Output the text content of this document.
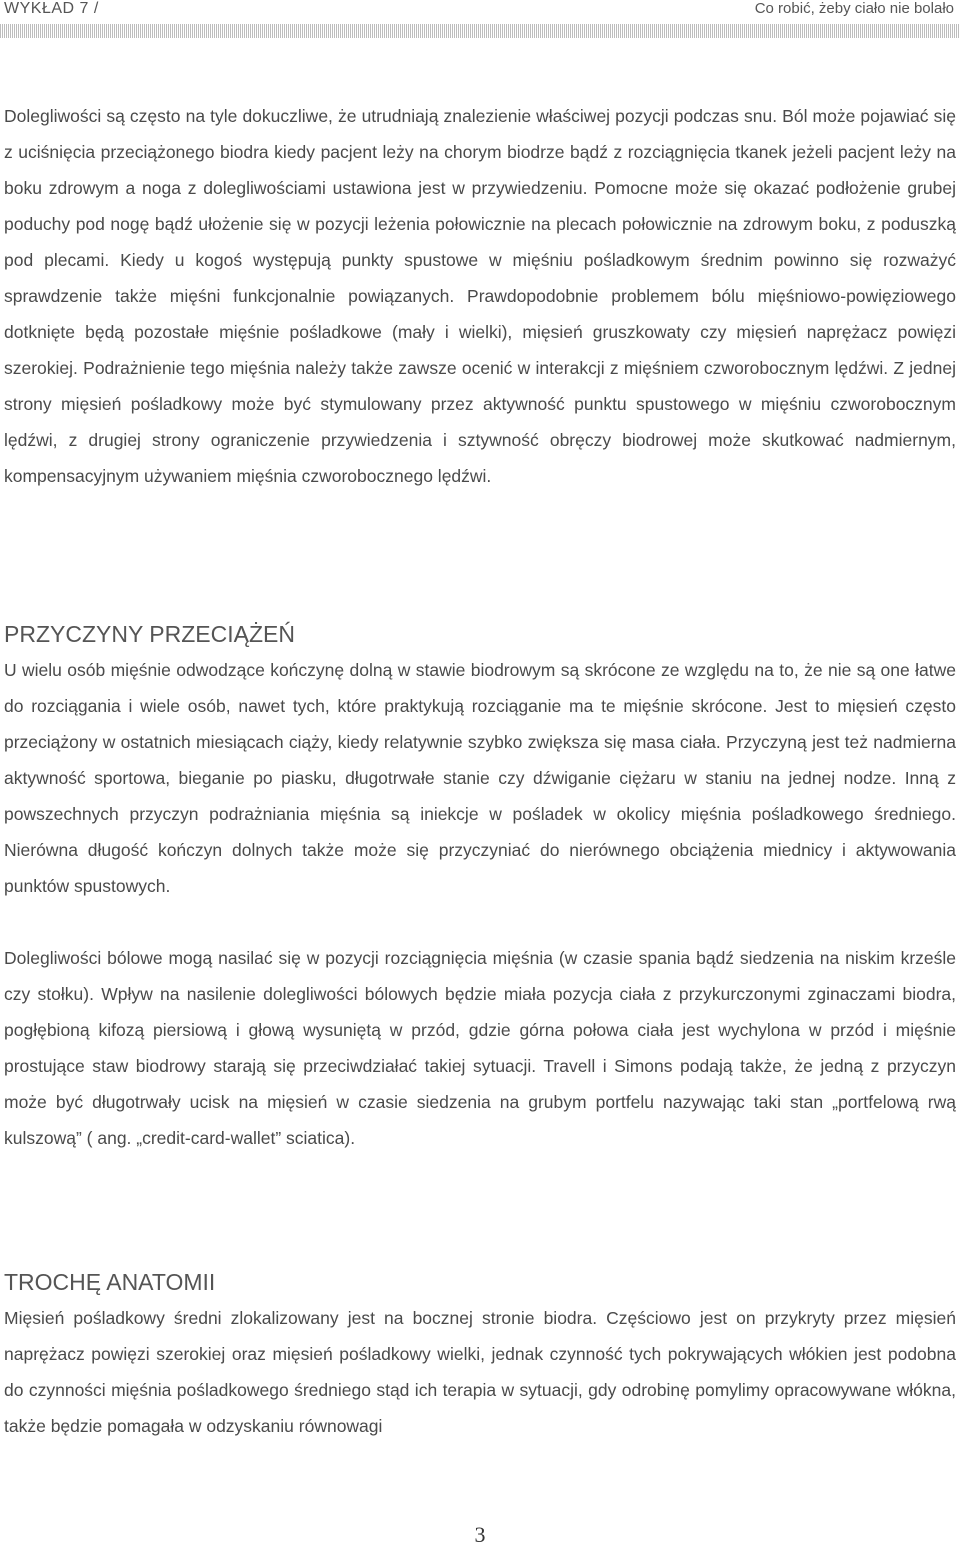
WYKŁAD 7 /	Co robić, żeby ciało nie bolało

Dolegliwości są często na tyle dokuczliwe, że utrudniają znalezienie właściwej pozycji podczas snu. Ból może pojawiać się z uciśnięcia przeciążonego biodra kiedy pacjent leży na chorym biodrze bądź z rozciągnięcia tkanek jeżeli pacjent leży na boku zdrowym a noga z dolegliwościami ustawiona jest w przywiedzeniu. Pomocne może się okazać podłożenie grubej poduchy pod nogę bądź ułożenie się w pozycji leżenia połowicznie na plecach połowicznie na zdrowym boku, z poduszką pod plecami. Kiedy u kogoś występują punkty spustowe w mięśniu pośladkowym średnim powinno się rozważyć sprawdzenie także mięśni funkcjonalnie powiązanych. Prawdopodobnie problemem bólu mięśniowo-powięziowego dotknięte będą pozostałe mięśnie pośladkowe (mały i wielki), mięsień gruszkowaty czy mięsień naprężacz powięzi szerokiej. Podrażnienie tego mięśnia należy także zawsze ocenić w interakcji z mięśniem czworobocznym lędźwi. Z jednej strony mięsień pośladkowy może być stymulowany przez aktywność punktu spustowego w mięśniu czworobocznym lędźwi, z drugiej strony ograniczenie przywiedzenia i sztywność obręczy biodrowej może skutkować nadmiernym, kompensacyjnym używaniem mięśnia czworobocznego lędźwi.

PRZYCZYNY PRZECIĄŻEŃ

U wielu osób mięśnie odwodzące kończynę dolną w stawie biodrowym są skrócone ze względu na to, że nie są one łatwe do rozciągania i wiele osób, nawet tych, które praktykują rozciąganie ma te mięśnie skrócone. Jest to mięsień często przeciążony w ostatnich miesiącach ciąży, kiedy relatywnie szybko zwiększa się masa ciała. Przyczyną jest też nadmierna aktywność sportowa, bieganie po piasku, długotrwałe stanie czy dźwiganie ciężaru w staniu na jednej nodze. Inną z powszechnych przyczyn podrażniania mięśnia są iniekcje w pośladek w okolicy mięśnia pośladkowego średniego. Nierówna długość kończyn dolnych także może się przyczyniać do nierównego obciążenia miednicy i aktywowania punktów spustowych.

Dolegliwości bólowe mogą nasilać się w pozycji rozciągnięcia mięśnia (w czasie spania bądź siedzenia na niskim krześle czy stołku). Wpływ na nasilenie dolegliwości bólowych będzie miała pozycja ciała z przykurczonymi zginaczami biodra, pogłębioną kifozą piersiową i głową wysuniętą w przód, gdzie górna połowa ciała jest wychylona w przód i mięśnie prostujące staw biodrowy starają się przeciwdziałać takiej sytuacji. Travell i Simons podają także, że jedną z przyczyn może być długotrwały ucisk na mięsień w czasie siedzenia na grubym portfelu nazywając taki stan „portfelową rwą kulszową” ( ang. „credit-card-wallet” sciatica).

TROCHĘ ANATOMII

Mięsień pośladkowy średni zlokalizowany jest na bocznej stronie biodra. Częściowo jest on przykryty przez mięsień naprężacz powięzi szerokiej oraz mięsień pośladkowy wielki, jednak czynność tych pokrywających włókien jest podobna do czynności mięśnia pośladkowego średniego stąd ich terapia w sytuacji, gdy odrobinę pomylimy opracowywane włókna, także będzie pomagała w odzyskaniu równowagi

3
